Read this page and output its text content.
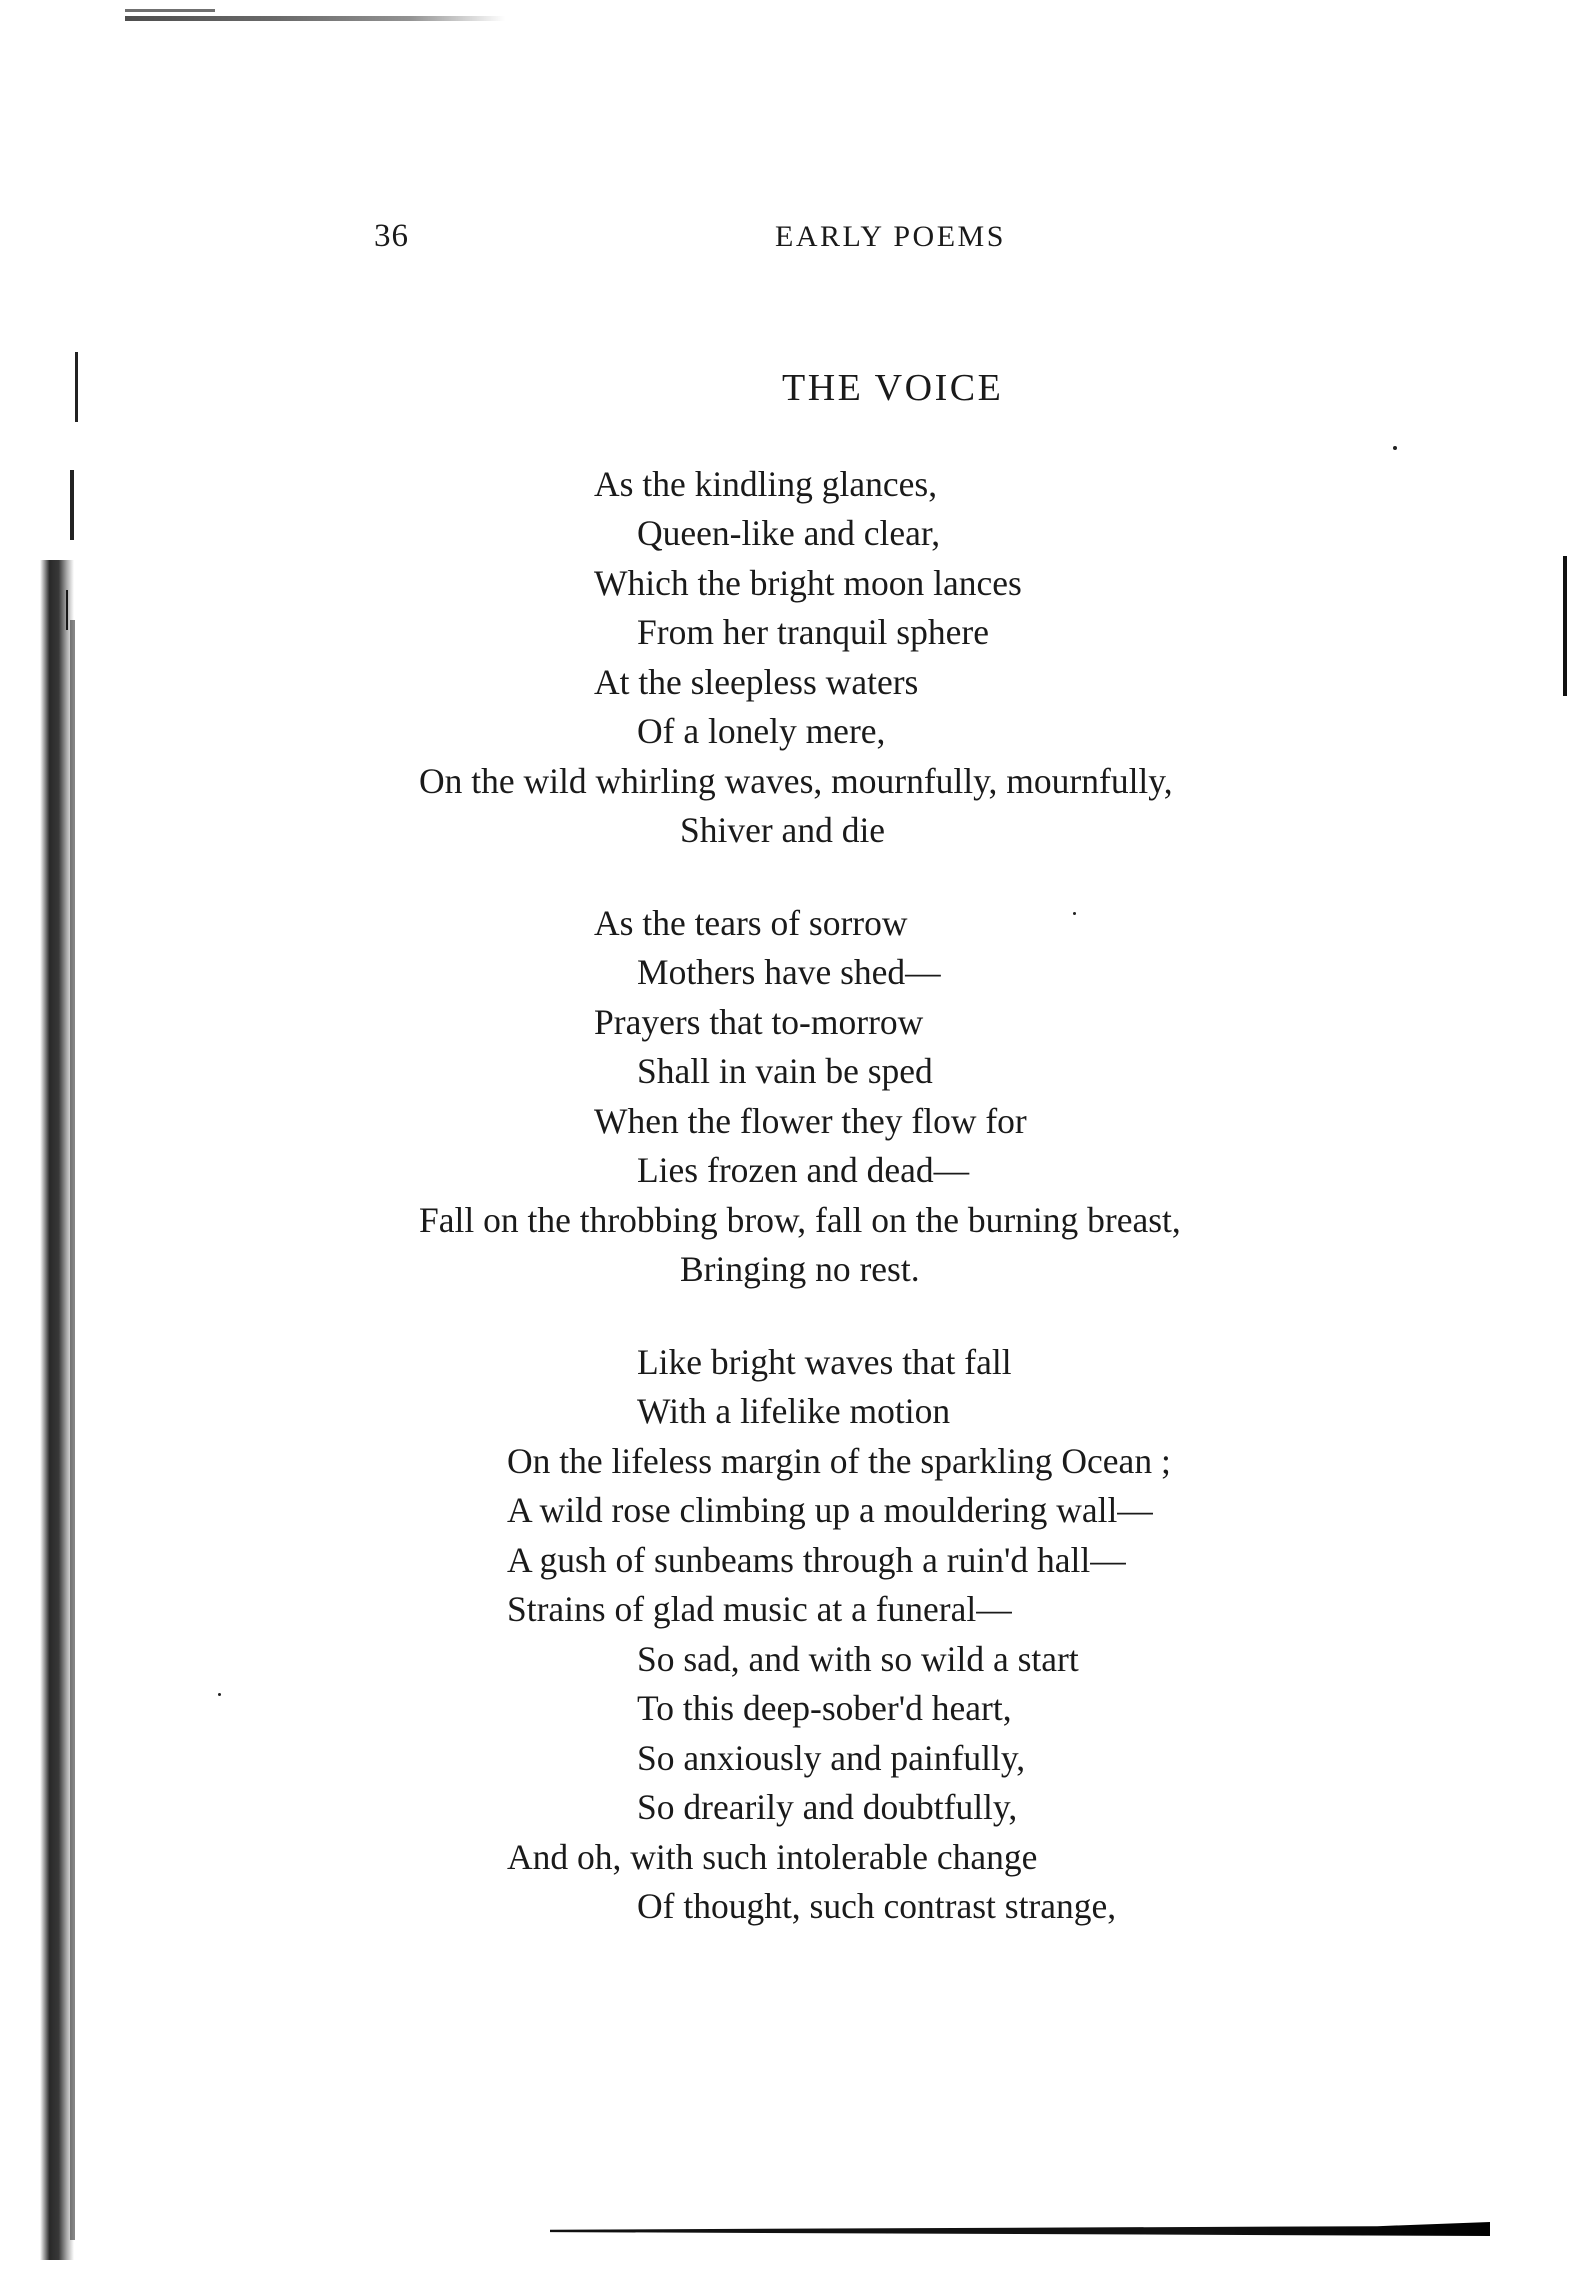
36	EARLY POEMS
THE VOICE
As the kindling glances,
Queen-like and clear,
Which the bright moon lances
From her tranquil sphere
At the sleepless waters
Of a lonely mere,
On the wild whirling waves, mournfully, mournfully,
Shiver and die
As the tears of sorrow
Mothers have shed—
Prayers that to-morrow
Shall in vain be sped
When the flower they flow for
Lies frozen and dead—
Fall on the throbbing brow, fall on the burning breast,
Bringing no rest.
Like bright waves that fall
With a lifelike motion
On the lifeless margin of the sparkling Ocean ;
A wild rose climbing up a mouldering wall—
A gush of sunbeams through a ruin'd hall—
Strains of glad music at a funeral—
So sad, and with so wild a start
To this deep-sober'd heart,
So anxiously and painfully,
So drearily and doubtfully,
And oh, with such intolerable change
Of thought, such contrast strange,
